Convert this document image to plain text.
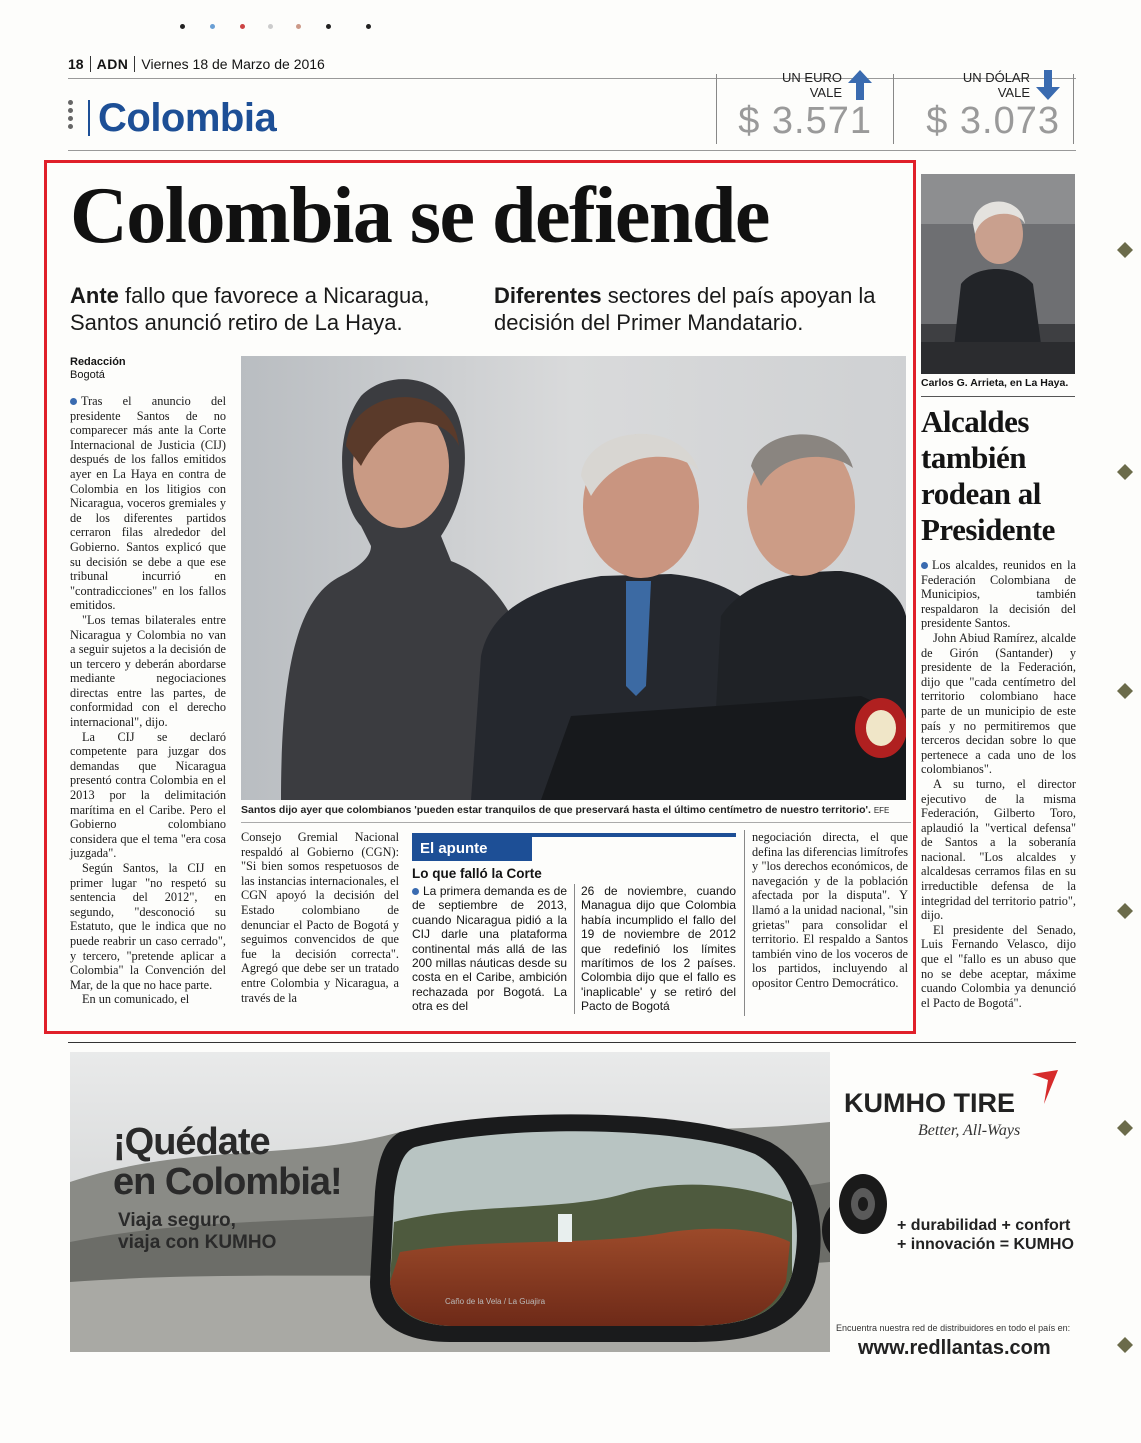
18 ADN Viernes 18 de Marzo de 2016
Colombia
UN EURO
VALE
$ 3.571
UN DÓLAR
VALE
$ 3.073
Colombia se defiende
Ante fallo que favorece a Nicaragua, Santos anunció retiro de La Haya.
Diferentes sectores del país apoyan la decisión del Primer Mandatario.
Redacción
Bogotá

Tras el anuncio del presidente Santos de no comparecer más ante la Corte Internacional de Justicia (CIJ) después de los fallos emitidos ayer en La Haya en contra de Colombia en los litigios con Nicaragua, voceros gremiales y de los diferentes partidos cerraron filas alrededor del Gobierno. Santos explicó que su decisión se debe a que ese tribunal incurrió en "contradicciones" en los fallos emitidos.

"Los temas bilaterales entre Nicaragua y Colombia no van a seguir sujetos a la decisión de un tercero y deberán abordarse mediante negociaciones directas entre las partes, de conformidad con el derecho internacional", dijo.

La CIJ se declaró competente para juzgar dos demandas que Nicaragua presentó contra Colombia en el 2013 por la delimitación marítima en el Caribe. Pero el Gobierno colombiano considera que el tema "era cosa juzgada".

Según Santos, la CIJ en primer lugar "no respetó su sentencia del 2012", en segundo, "desconoció su Estatuto, que le indica que no puede reabrir un caso cerrado", y tercero, "pretende aplicar a Colombia" la Convención del Mar, de la que no hace parte.

En un comunicado, el

Santos dijo ayer que colombianos 'pueden estar tranquilos de que preservará hasta el último centímetro de nuestro territorio'. EFE

Consejo Gremial Nacional respaldó al Gobierno (CGN): "Si bien somos respetuosos de las instancias internacionales, el CGN apoyó la decisión del Estado colombiano de denunciar el Pacto de Bogotá y seguimos convencidos de que fue la decisión correcta". Agregó que debe ser un tratado entre Colombia y Nicaragua, a través de la

El apunte
Lo que falló la Corte
La primera demanda es de de septiembre de 2013, cuando Nicaragua pidió a la CIJ darle una plataforma continental más allá de las 200 millas náuticas desde su costa en el Caribe, ambición rechazada por Bogotá. La otra es del
26 de noviembre, cuando Managua dijo que Colombia había incumplido el fallo del 19 de noviembre de 2012 que redefinió los límites marítimos de los 2 países. Colombia dijo que el fallo es 'inaplicable' y se retiró del Pacto de Bogotá

negociación directa, el que defina las diferencias limítrofes y "los derechos económicos, de navegación y de la población afectada por la disputa". Y llamó a la unidad nacional, "sin grietas" para consolidar el territorio. El respaldo a Santos también vino de los voceros de los partidos, incluyendo al opositor Centro Democrático.

Carlos G. Arrieta, en La Haya.
Alcaldes también rodean al Presidente

Los alcaldes, reunidos en la Federación Colombiana de Municipios, también respaldaron la decisión del presidente Santos.

John Abiud Ramírez, alcalde de Girón (Santander) y presidente de la Federación, dijo que "cada centímetro del territorio colombiano hace parte de un municipio de este país y no permitiremos que terceros decidan sobre lo que pertenece a cada uno de los colombianos".

A su turno, el director ejecutivo de la misma Federación, Gilberto Toro, aplaudió la "vertical defensa" de Santos a la soberanía nacional. "Los alcaldes y alcaldesas cerramos filas en su irreductible defensa de la integridad del territorio patrio", dijo.

El presidente del Senado, Luis Fernando Velasco, dijo que el "fallo es un abuso que no se debe aceptar, máxime cuando Colombia ya denunció el Pacto de Bogotá".

¡Quédate
en Colombia!
Viaja seguro,
viaja con KUMHO
Caño de la Vela / La Guajira
KUMHO TIRE
Better, All-Ways
+ durabilidad + confort
+ innovación = KUMHO
Encuentra nuestra red de distribuidores en todo el país en:
www.redllantas.com
